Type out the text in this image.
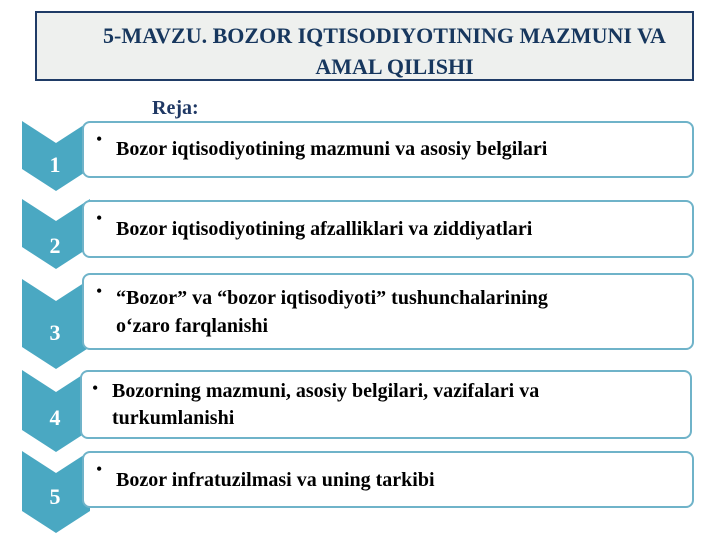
5-MAVZU. BOZOR IQTISODIYOTINING MAZMUNI VA
AMAL QILISHI
Reja:
1
• Bozor iqtisodiyotining mazmuni va asosiy belgilari
2
• Bozor iqtisodiyotining afzalliklari va ziddiyatlari
3
• “Bozor” va “bozor iqtisodiyoti” tushunchalarining
o‘zaro farqlanishi
4
• Bozorning mazmuni, asosiy belgilari, vazifalari va
turkumlanishi
5
• Bozor infratuzilmasi va uning tarkibi
